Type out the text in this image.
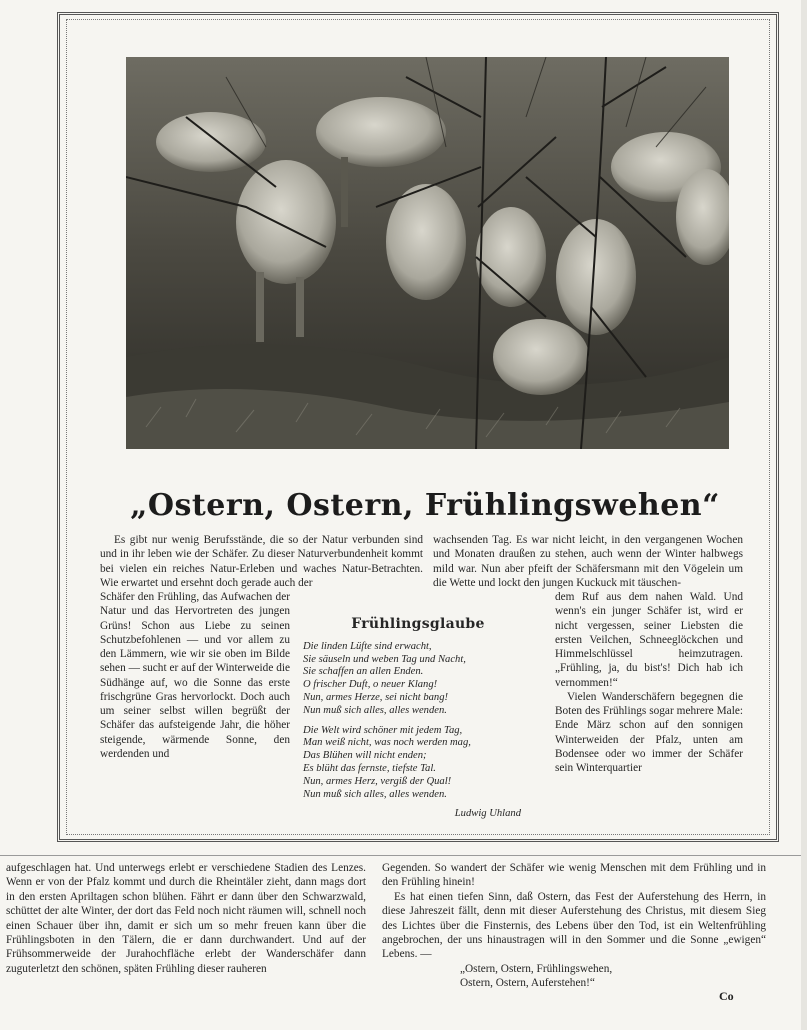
„Ostern, Ostern, Frühlingswehen“

Es gibt nur wenig Berufsstände, die so der Natur verbunden sind und in ihr leben wie der Schäfer. Zu dieser Naturverbundenheit kommt bei vielen ein reiches Natur-Erleben und waches Natur-Betrachten. Wie erwartet und ersehnt doch gerade auch der

Schäfer den Frühling, das Aufwachen der Natur und das Hervortreten des jungen Grüns! Schon aus Liebe zu seinen Schutzbefohlenen — und vor allem zu den Lämmern, wie wir sie oben im Bilde sehen — sucht er auf der Winterweide die Südhänge auf, wo die Sonne das erste frischgrüne Gras hervorlockt. Doch auch um seiner selbst willen begrüßt der Schäfer das aufsteigende Jahr, die höher steigende, wärmende Sonne, den werdenden und

Frühlingsglaube
Die linden Lüfte sind erwacht,
Sie säuseln und weben Tag und Nacht,
Sie schaffen an allen Enden.
O frischer Duft, o neuer Klang!
Nun, armes Herze, sei nicht bang!
Nun muß sich alles, alles wenden.
Die Welt wird schöner mit jedem Tag,
Man weiß nicht, was noch werden mag,
Das Blühen will nicht enden;
Es blüht das fernste, tiefste Tal.
Nun, armes Herz, vergiß der Qual!
Nun muß sich alles, alles wenden.
Ludwig Uhland

wachsenden Tag. Es war nicht leicht, in den vergangenen Wochen und Monaten draußen zu stehen, auch wenn der Winter halbwegs mild war. Nun aber pfeift der Schäfersmann mit den Vögelein um die Wette und lockt den jungen Kuckuck mit täuschen-

dem Ruf aus dem nahen Wald. Und wenn's ein junger Schäfer ist, wird er nicht vergessen, seiner Liebsten die ersten Veilchen, Schneeglöckchen und Himmelschlüssel heimzutragen. „Frühling, ja, du bist's! Dich hab ich vernommen!“

Vielen Wanderschäfern begegnen die Boten des Frühlings sogar mehrere Male: Ende März schon auf den sonnigen Winterweiden der Pfalz, unten am Bodensee oder wo immer der Schäfer sein Winterquartier

aufgeschlagen hat. Und unterwegs erlebt er verschiedene Stadien des Lenzes. Wenn er von der Pfalz kommt und durch die Rheintäler zieht, dann mags dort in den ersten Apriltagen schon blühen. Fährt er dann über den Schwarzwald, schüttet der alte Winter, der dort das Feld noch nicht räumen will, schnell noch einen Schauer über ihn, damit er sich um so mehr freuen kann über die Frühlingsboten in den Tälern, die er dann durchwandert. Und auf der Frühsommerweide der Jurahochfläche erlebt der Wanderschäfer dann zuguterletzt den schönen, späten Frühling dieser rauheren

Gegenden. So wandert der Schäfer wie wenig Menschen mit dem Frühling und in den Frühling hinein!

Es hat einen tiefen Sinn, daß Ostern, das Fest der Auferstehung des Herrn, in diese Jahreszeit fällt, denn mit dieser Auferstehung des Christus, mit diesem Sieg des Lichtes über die Finsternis, des Lebens über den Tod, ist ein Weltenfrühling angebrochen, der uns hinaustragen will in den Sommer und die Sonne „ewigen“ Lebens. —

„Ostern, Ostern, Frühlingswehen,

Ostern, Ostern, Auferstehen!“

Co
